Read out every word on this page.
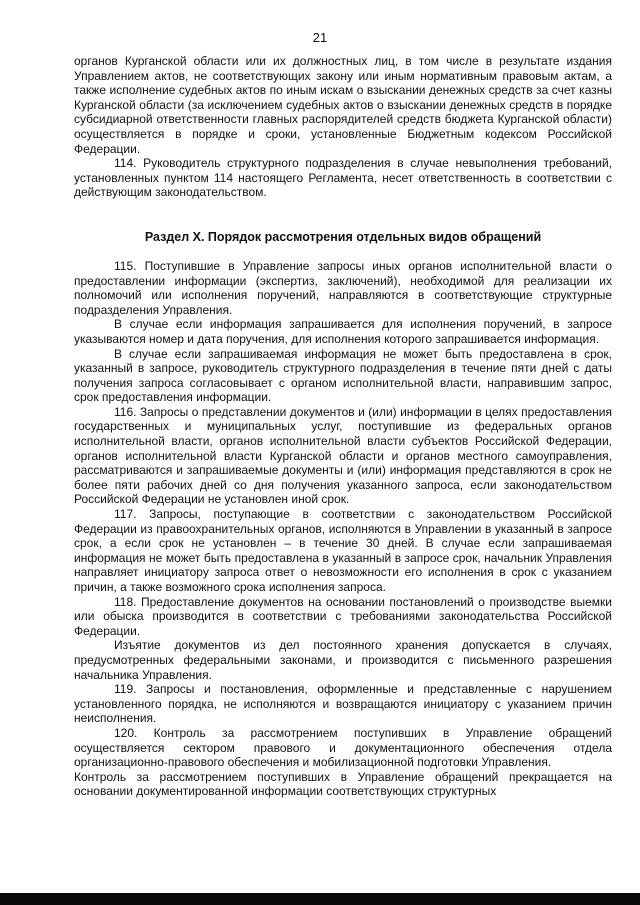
21

органов Курганской области или их должностных лиц, в том числе в результате издания Управлением актов, не соответствующих закону или иным нормативным правовым актам, а также исполнение судебных актов по иным искам о взыскании денежных средств за счет казны Курганской области (за исключением судебных актов о взыскании денежных средств в порядке субсидиарной ответственности главных распорядителей средств бюджета Курганской области) осуществляется в порядке и сроки, установленные Бюджетным кодексом Российской Федерации.

114. Руководитель структурного подразделения в случае невыполнения требований, установленных пунктом 114 настоящего Регламента, несет ответственность в соответствии с действующим законодательством.

Раздел X. Порядок рассмотрения отдельных видов обращений

115. Поступившие в Управление запросы иных органов исполнительной власти о предоставлении информации (экспертиз, заключений), необходимой для реализации их полномочий или исполнения поручений, направляются в соответствующие структурные подразделения Управления.

В случае если информация запрашивается для исполнения поручений, в запросе указываются номер и дата поручения, для исполнения которого запрашивается информация.

В случае если запрашиваемая информация не может быть предоставлена в срок, указанный в запросе, руководитель структурного подразделения в течение пяти дней с даты получения запроса согласовывает с органом исполнительной власти, направившим запрос, срок предоставления информации.

116. Запросы о представлении документов и (или) информации в целях предоставления государственных и муниципальных услуг, поступившие из федеральных органов исполнительной власти, органов исполнительной власти субъектов Российской Федерации, органов исполнительной власти Курганской области и органов местного самоуправления, рассматриваются и запрашиваемые документы и (или) информация представляются в срок не более пяти рабочих дней со дня получения указанного запроса, если законодательством Российской Федерации не установлен иной срок.

117. Запросы, поступающие в соответствии с законодательством Российской Федерации из правоохранительных органов, исполняются в Управлении в указанный в запросе срок, а если срок не установлен – в течение 30 дней. В случае если запрашиваемая информация не может быть предоставлена в указанный в запросе срок, начальник Управления направляет инициатору запроса ответ о невозможности его исполнения в срок с указанием причин, а также возможного срока исполнения запроса.

118. Предоставление документов на основании постановлений о производстве выемки или обыска производится в соответствии с требованиями законодательства Российской Федерации.

Изъятие документов из дел постоянного хранения допускается в случаях, предусмотренных федеральными законами, и производится с письменного разрешения начальника Управления.

119. Запросы и постановления, оформленные и представленные с нарушением установленного порядка, не исполняются и возвращаются инициатору с указанием причин неисполнения.

120. Контроль за рассмотрением поступивших в Управление обращений осуществляется сектором правового и документационного обеспечения отдела организационно-правового обеспечения и мобилизационной подготовки Управления.

Контроль за рассмотрением поступивших в Управление обращений прекращается на основании документированной информации соответствующих структурных
